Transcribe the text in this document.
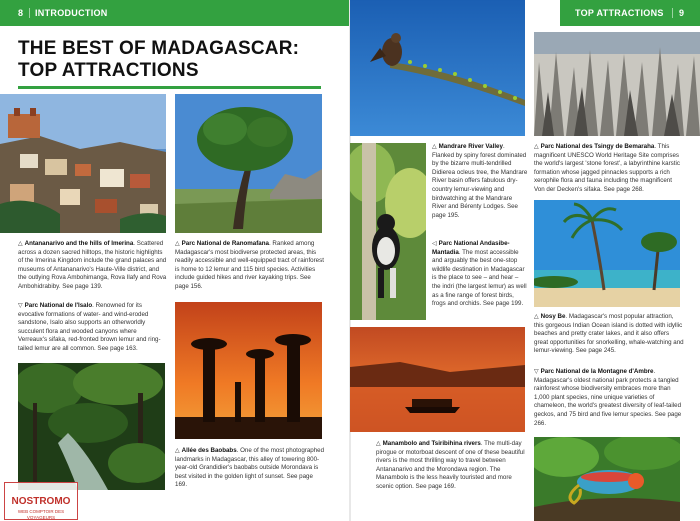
8 INTRODUCTION	TOP ATTRACTIONS 9
THE BEST OF MADAGASCAR:
TOP ATTRACTIONS
△ Antananarivo and the hills of Imerina. Scattered across a dozen sacred hilltops, the historic highlights of the Imerina Kingdom include the grand palaces and museums of Antananarivo's Haute-Ville district, and the outlying Rova Ambohimanga, Rova Ilafy and Rova Ambohidrabiby. See page 139.
△ Parc National de Ranomafana. Ranked among Madagascar's most biodiverse protected areas, this readily accessible and well-equipped tract of rainforest is home to 12 lemur and 115 bird species. Activities include guided hikes and river kayaking trips. See page 156.
▽ Parc National de l'Isalo. Renowned for its evocative formations of water- and wind-eroded sandstone, Isalo also supports an otherworldly succulent flora and wooded canyons where Verreaux's sifaka, red-fronted brown lemur and ring-tailed lemur are all common. See page 163.
△ Allée des Baobabs. One of the most photographed landmarks in Madagascar, this alley of towering 800-year-old Grandidier's baobabs outside Morondava is best visited in the golden light of sunset. See page 169.
NOSTROMO
WEB COMPTOIR DES VOYAGEURS
△ Mandrare River Valley. Flanked by spiny forest dominated by the bizarre multi-tendrilled Didierea ocleus tree, the Mandrare River basin offers fabulous dry-country lemur-viewing and birdwatching at the Mandrare River and Bérenty Lodges. See page 195.
◁ Parc National Andasibe-Mantadia. The most accessible and arguably the best one-stop wildlife destination in Madagascar is the place to see – and hear – the indri (the largest lemur) as well as a fine range of forest birds, frogs and orchids. See page 199.
△ Parc National des Tsingy de Bemaraha. This magnificent UNESCO World Heritage Site comprises the world's largest 'stone forest', a labyrinthine karstic formation whose jagged pinnacles supports a rich xerophile flora and fauna including the magnificent Von der Decken's sifaka. See page 268.
△ Manambolo and Tsiribihina rivers. The multi-day pirogue or motorboat descent of one of these beautiful rivers is the most thrilling way to travel between Antananarivo and the Morondava region. The Manambolo is the less heavily touristed and more scenic option. See page 169.
△ Nosy Be. Madagascar's most popular attraction, this gorgeous Indian Ocean island is dotted with idyllic beaches and pretty crater lakes, and it also offers great opportunities for snorkelling, whale-watching and lemur-viewing. See page 245.
▽ Parc National de la Montagne d'Ambre. Madagascar's oldest national park protects a tangled rainforest whose biodiversity embraces more than 1,000 plant species, nine unique varieties of chameleon, the world's greatest diversity of leaf-tailed geckos, and 75 bird and five lemur species. See page 266.
